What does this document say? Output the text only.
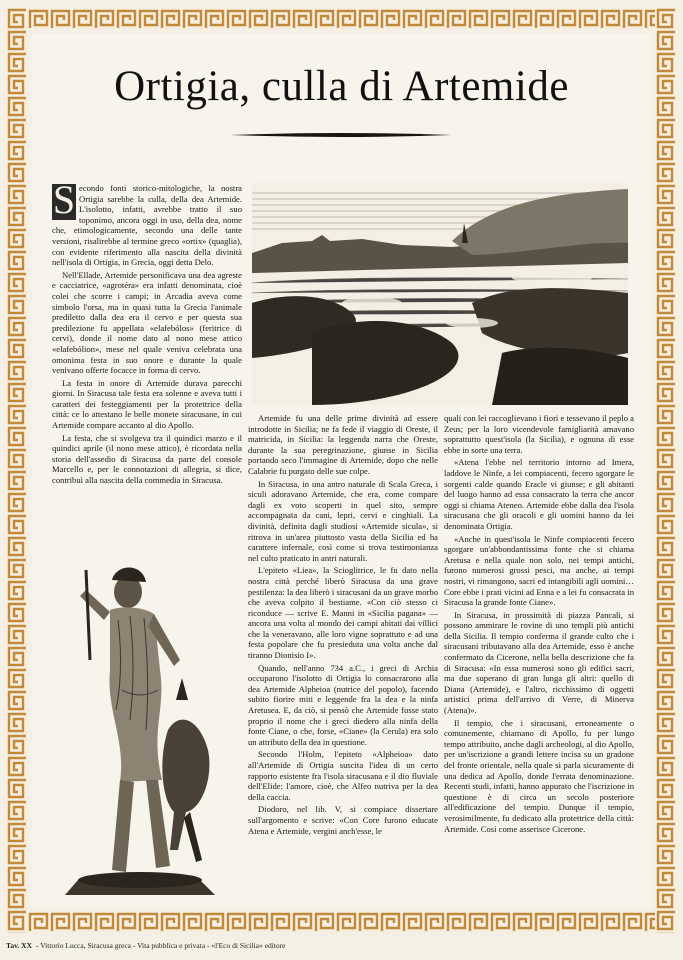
Ortigia, culla di Artemide

S econdo fonti storico-mitologiche, la nostra Ortigia sarebbe la culla, della dea Artemide. L'isolotto, infatti, avrebbe tratto il suo toponimo, ancora oggi in uso, della dea, nome che, etimologicamente, secondo una delle tante versioni, risalirebbe al termine greco «ortix» (quaglia), con evidente riferimento alla nascita della divinità nell'isola di Ortigia, in Grecia, oggi detta Delo.

Nell'Ellade, Artemide personificava una dea agreste e cacciatrice, «agrotéra» era infatti denominata, cioè colei che scorre i campi; in Arcadia aveva come simbolo l'orsa, ma in quasi tutta la Grecia l'animale prediletto dalla dea era il cervo e per questa sua predilezione fu appellata «elafebólos» (feritrice di cervi), donde il nome dato al nono mese attico «elafebólion», mese nel quale veniva celebrata una omonima festa in suo onore e durante la quale venivano offerte focacce in forma di cervo.

La festa in onore di Artemide durava parecchi giorni. In Siracusa tale festa era solenne e aveva tutti i caratteri dei festeggiamenti per la protettrice della città: ce lo attestano le belle monete siracusane, in cui Artemide compare accanto al dio Apollo.

La festa, che si svolgeva tra il quindici marzo e il quindici aprile (il nono mese attico), è ricordata nella storia dell'assedio di Siracusa da parte del console Marcello e, per le connotazioni di allegria, si dice, contribuì alla nascita della commedia in Siracusa.

Artemide fu una delle prime divinità ad essere introdotte in Sicilia; ne fa fede il viaggio di Oreste, il matricida, in Sicilia: la leggenda narra che Oreste, durante la sua peregrinazione, giunse in Sicilia portando seco l'immagine di Artemide, dopo che nelle Calabrie fu purgato delle sue colpe.

In Siracusa, in una antro naturale di Scala Greca, i siculi adoravano Artemide, che era, come compare dagli ex voto scoperti in quel sito, sempre accompagnata da cani, lepri, cervi e cinghiali. La divinità, definita dagli studiosi «Artemide sicula», si ritrova in un'area piuttosto vasta della Sicilia ed ha carattere infernale, così come si trova testimonianza nel culto praticato in antri naturali.

L'epiteto «Liea», la Scioglitrice, le fu dato nella nostra città perché liberò Siracusa da una grave pestilenza: la dea liberò i siracusani da un grave morbo che aveva colpito il bestiame. «Con ciò stesso ci riconduce — scrive E. Manni in «Sicilia pagana» — ancora una volta al mondo dei campi abitati dai villici che la veneravano, alle loro vigne soprattuto e ad una festa popolare che fu presieduta una volta anche dal tiranno Dionisio I».

Quando, nell'anno 734 a.C., i greci di Archia occuparono l'isolotto di Ortigia lo consacrarono alla dea Artemide Alpheioa (nutrice del popolo), facendo subito fiorire miti e leggende fra la dea e la ninfa Aretusea. E, da ciò, si pensò che Artemide fosse stato proprio il nome che i greci diedero alla ninfa della fonte Ciane, o che, forse, «Ciane» (la Cerula) era solo un attributo della dea in questione.

Secondo l'Holm, l'epiteto «Alpheioa» dato all'Artemide di Ortigia suscita l'idea di un certo rapporto esistente fra l'isola siracusana e il dio fluviale dell'Elide: l'amore, cioè, che Alfeo nutriva per la dea della caccia.

Diodoro, nel lib. V, si compiace dissertare sull'argomento e scrive: «Con Core furono educate Atena e Artemide, vergini anch'esse, le

quali con lei raccoglievano i fiori e tessevano il peplo a Zeus; per la loro vicendevole famigliarità amavano soprattutto quest'isola (la Sicilia), e ognuna di esse ebbe in sorte una terra.

«Atena l'ebbe nel territorio intorno ad Imera, laddove le Ninfe, a lei compiacenti, fecero sgorgare le sorgenti calde quando Eracle vi giunse; e gli abitanti del luogo hanno ad essa consacrato la terra che ancor oggi si chiama Ateneo. Artemide ebbe dalla dea l'isola siracusana che gli oracoli e gli uomini hanno da lei denominata Ortigia.

«Anche in quest'isola le Ninfe compiacenti fecero sgorgare un'abbondantissima fonte che si chiama Aretusa e nella quale non solo, nei tempi antichi, furono numerosi grossi pesci, ma anche, ai tempi nostri, vi rimangono, sacri ed intangibili agli uomini… Core ebbe i prati vicini ad Enna e a lei fu consacrata in Siracusa la grande fonte Ciane».

In Siracusa, in prossimità di piazza Pancali, si possono ammirare le rovine di uno templi più antichi della Sicilia. Il tempio conferma il grande culto che i siracusani tributavano alla dea Artemide, esso è anche confermato da Cicerone, nella bella descrizione che fa di Siracusa: «In essa numerosi sono gli edifici sacri, ma due superano di gran lunga gli altri: quello di Diana (Artemide), e l'altro, ricchissimo di oggetti artistici prima dell'arrivo di Verre, di Minerva (Atena)».

Il tempio, che i siracusani, erroneamente o comunemente, chiamano di Apollo, fu per lungo tempo attribuito, anche dagli archeologi, al dio Apollo, per un'iscrizione a grandi lettere incisa su un gradone del fronte orientale, nella quale si parla sicuramente di una dedica ad Apollo, donde l'errata denominazione. Recenti studi, infatti, hanno appurato che l'iscrizione in questione è di circa un secolo posteriore all'edificazione del tempio. Dunque il tempio, verosimilmente, fu dedicato alla protettrice della città: Artemide. Così come asserisce Cicerone.

Tav. XX - Vittorio Lucca, Siracusa greca - Vita pubblica e privata - «l'Eco di Sicilia» editore
